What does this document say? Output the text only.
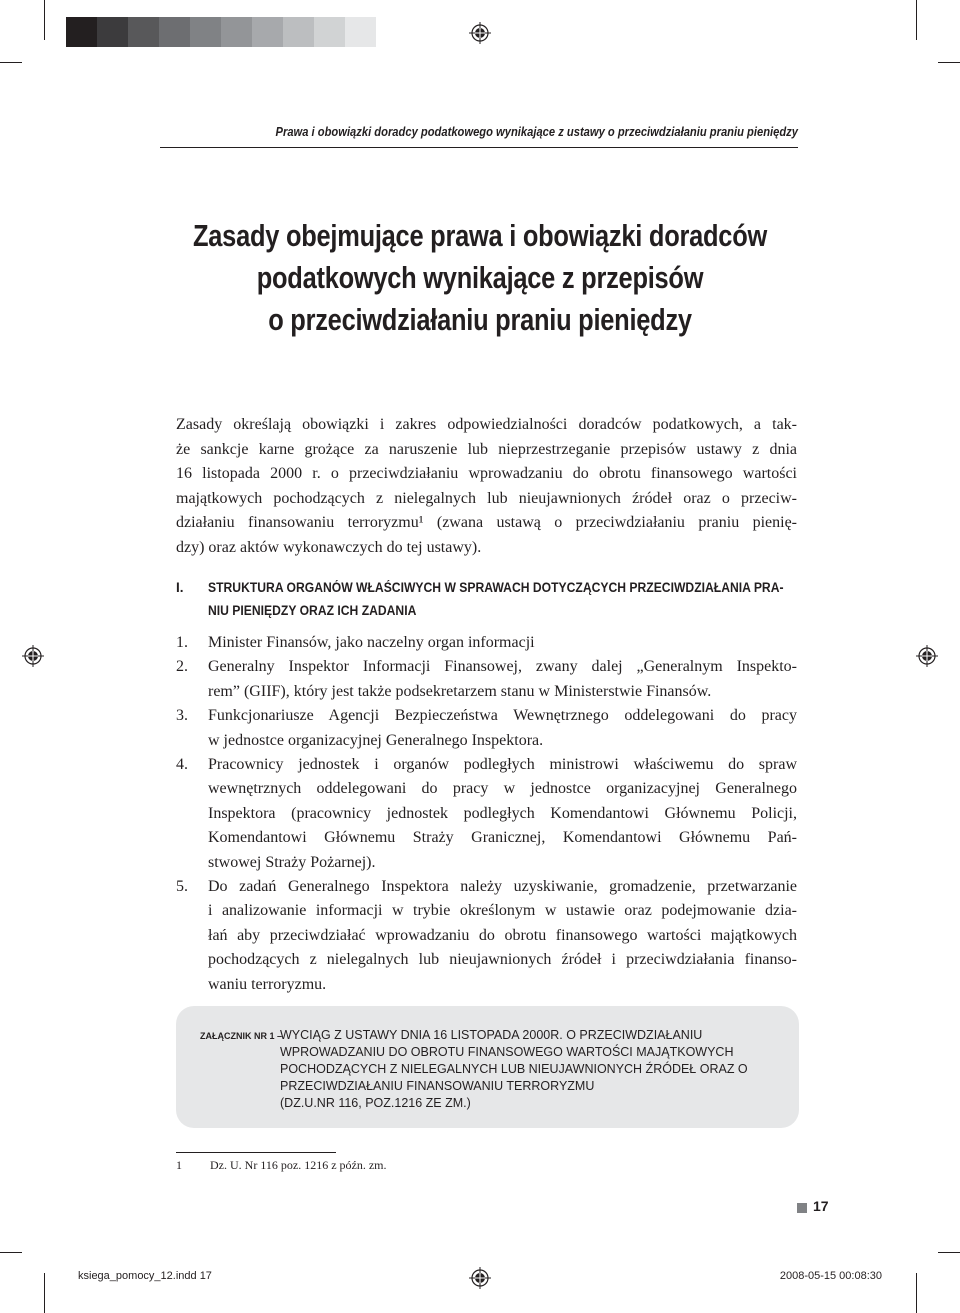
Prawa i obowiązki doradcy podatkowego wynikające z ustawy o przeciwdziałaniu praniu pieniędzy
Zasady obejmujące prawa i obowiązki doradców
podatkowych wynikające z przepisów
o przeciwdziałaniu praniu pieniędzy
Zasady określają obowiązki i zakres odpowiedzialności doradców podatkowych, a tak-
że sankcje karne grożące za naruszenie lub nieprzestrzeganie przepisów ustawy z dnia
16 listopada 2000 r. o przeciwdziałaniu wprowadzaniu do obrotu finansowego wartości
majątkowych pochodzących z nielegalnych lub nieujawnionych źródeł oraz o przeciw-
działaniu finansowaniu terroryzmu¹ (zwana ustawą o przeciwdziałaniu praniu pienię-
dzy) oraz aktów wykonawczych do tej ustawy).
I. STRUKTURA ORGANÓW WŁAŚCIWYCH W SPRAWACH DOTYCZĄCYCH PRZECIWDZIAŁANIA PRA-
NIU PIENIĘDZY ORAZ ICH ZADANIA
1. Minister Finansów, jako naczelny organ informacji
2. Generalny Inspektor Informacji Finansowej, zwany dalej „Generalnym Inspekto-
rem” (GIIF), który jest także podsekretarzem stanu w Ministerstwie Finansów.
3. Funkcjonariusze Agencji Bezpieczeństwa Wewnętrznego oddelegowani do pracy
w jednostce organizacyjnej Generalnego Inspektora.
4. Pracownicy jednostek i organów podległych ministrowi właściwemu do spraw
wewnętrznych oddelegowani do pracy w jednostce organizacyjnej Generalnego
Inspektora (pracownicy jednostek podległych Komendantowi Głównemu Policji,
Komendantowi Głównemu Straży Granicznej, Komendantowi Głównemu Pań-
stwowej Straży Pożarnej).
5. Do zadań Generalnego Inspektora należy uzyskiwanie, gromadzenie, przetwarzanie
i analizowanie informacji w trybie określonym w ustawie oraz podejmowanie dzia-
łań aby przeciwdziałać wprowadzaniu do obrotu finansowego wartości majątkowych
pochodzących z nielegalnych lub nieujawnionych źródeł i przeciwdziałania finanso-
waniu terroryzmu.
ZAŁĄCZNIK NR 1 –
WYCIĄG Z USTAWY DNIA 16 LISTOPADA 2000R. O PRZECIWDZIAŁANIU
WPROWADZANIU DO OBROTU FINANSOWEGO WARTOŚCI MAJĄTKOWYCH
POCHODZĄCYCH Z NIELEGALNYCH LUB NIEUJAWNIONYCH ŹRÓDEŁ ORAZ O
PRZECIWDZIAŁANIU FINANSOWANIU TERRORYZMU
(DZ.U.NR 116, POZ.1216 ZE ZM.)
1 Dz. U. Nr 116 poz. 1216 z późn. zm.
17
ksiega_pomocy_12.indd 17	2008-05-15 00:08:30
